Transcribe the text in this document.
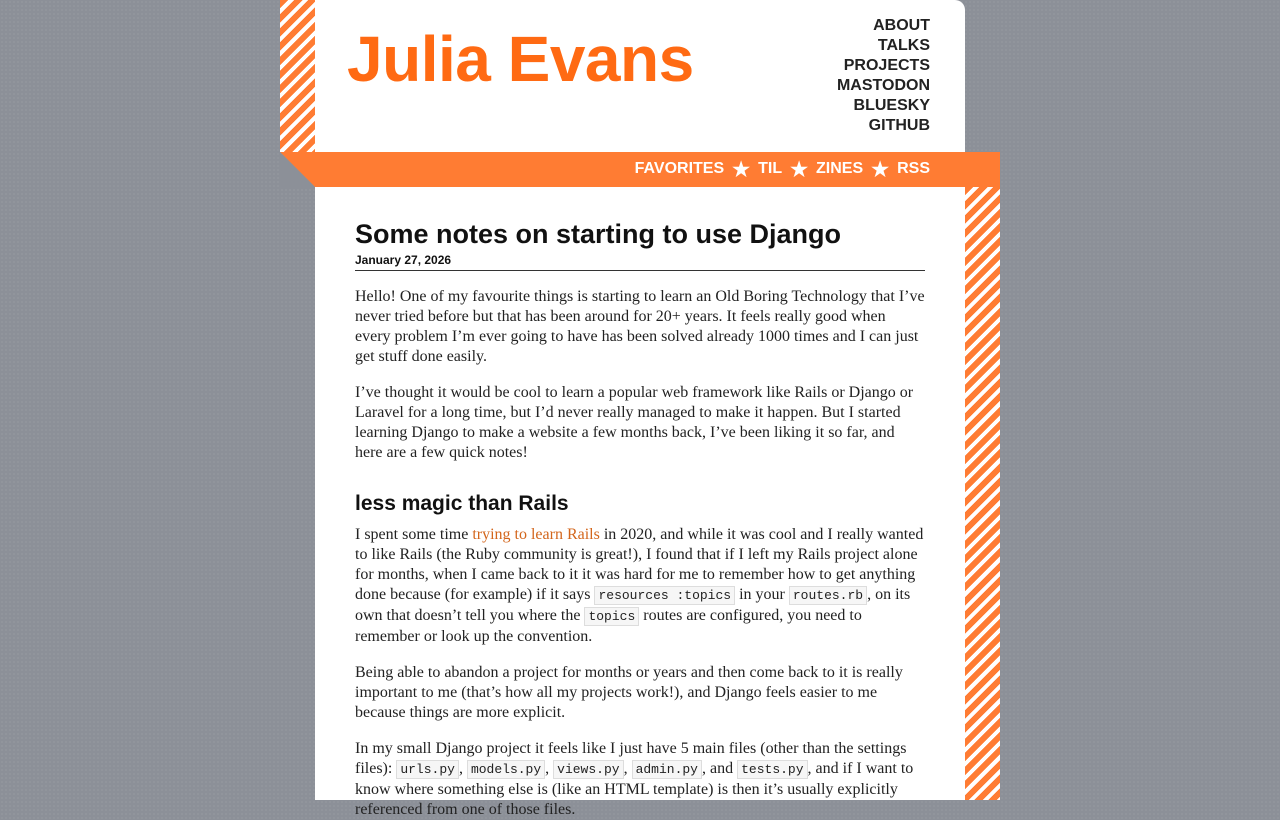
Julia Evans	ABOUT
TALKS
PROJECTS
MASTODON
BLUESKY
GITHUB
FAVORITES ★ TIL ★ ZINES ★ RSS
Some notes on starting to use Django
January 27, 2026

Hello! One of my favourite things is starting to learn an Old Boring Technology that I’ve never tried before but that has been around for 20+ years. It feels really good when every problem I’m ever going to have has been solved already 1000 times and I can just get stuff done easily.

I’ve thought it would be cool to learn a popular web framework like Rails or Django or Laravel for a long time, but I’d never really managed to make it happen. But I started learning Django to make a website a few months back, I’ve been liking it so far, and here are a few quick notes!

less magic than Rails

I spent some time trying to learn Rails in 2020, and while it was cool and I really wanted to like Rails (the Ruby community is great!), I found that if I left my Rails project alone for months, when I came back to it it was hard for me to remember how to get anything done because (for example) if it says resources :topics in your routes.rb , on its own that doesn’t tell you where the topics routes are configured, you need to remember or look up the convention.

Being able to abandon a project for months or years and then come back to it is really important to me (that’s how all my projects work!), and Django feels easier to me because things are more explicit.

In my small Django project it feels like I just have 5 main files (other than the settings files): urls.py , models.py , views.py , admin.py , and tests.py , and if I want to know where something else is (like an HTML template) is then it’s usually explicitly referenced from one of those files.
